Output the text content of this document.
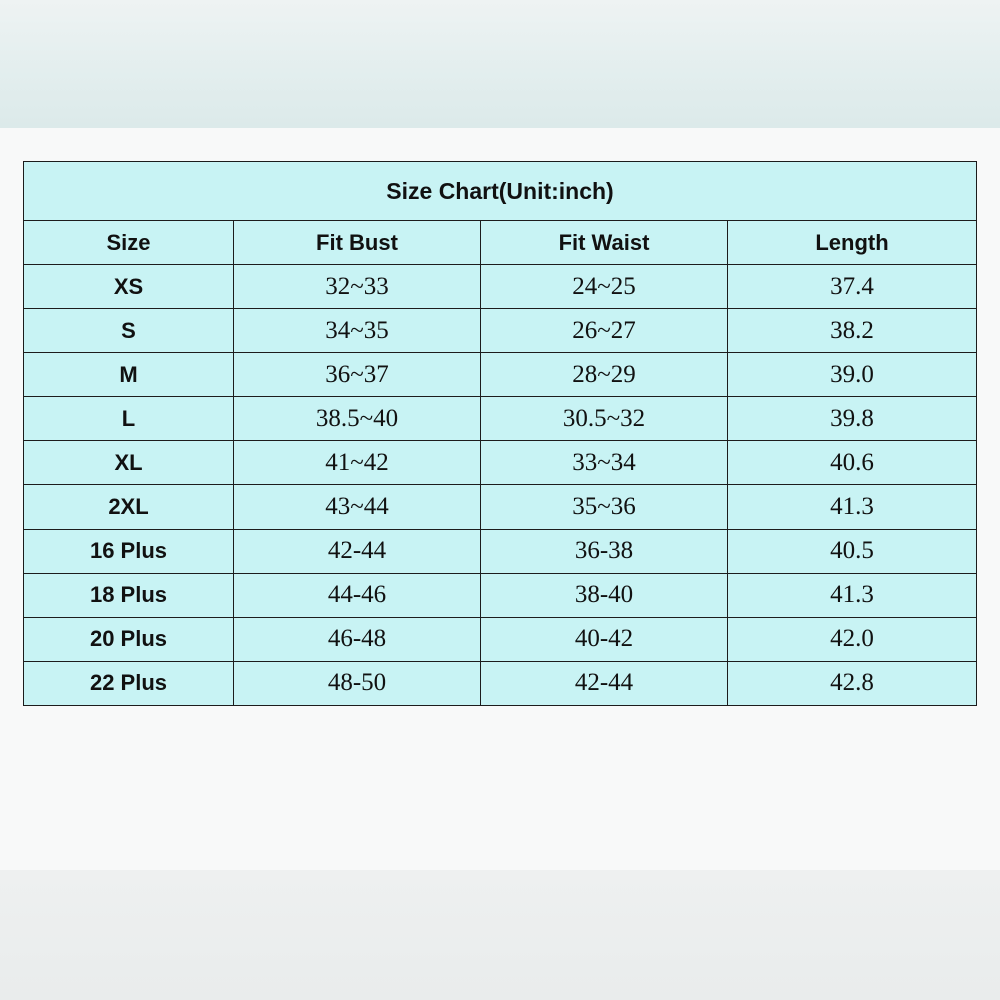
Size Chart(Unit:inch)			
Size	Fit Bust	Fit Waist	Length
XS	32~33	24~25	37.4
S	34~35	26~27	38.2
M	36~37	28~29	39.0
L	38.5~40	30.5~32	39.8
XL	41~42	33~34	40.6
2XL	43~44	35~36	41.3
16 Plus	42-44	36-38	40.5
18 Plus	44-46	38-40	41.3
20 Plus	46-48	40-42	42.0
22 Plus	48-50	42-44	42.8
